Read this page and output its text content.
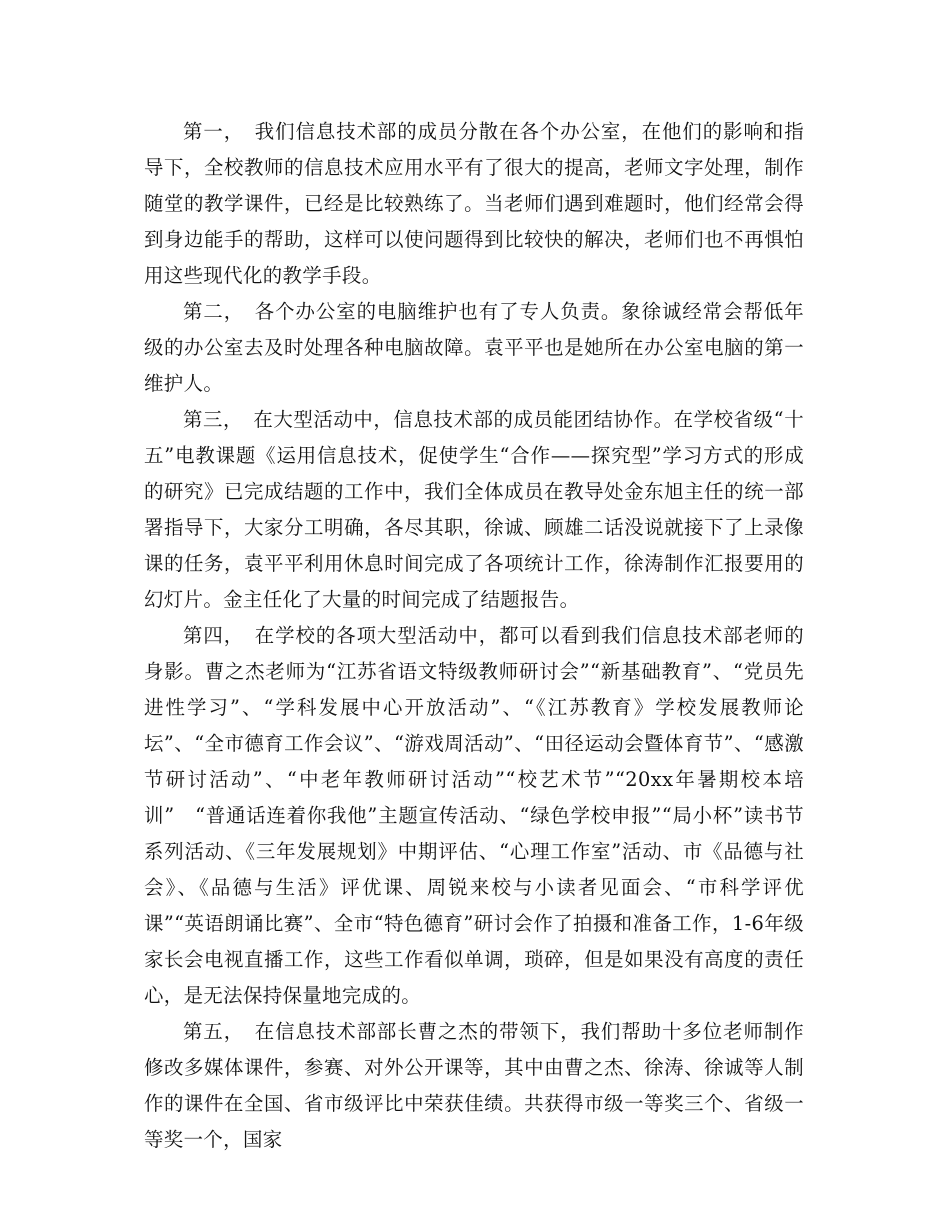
第一，　我们信息技术部的成员分散在各个办公室，在他们的影响和指导下，全校教师的信息技术应用水平有了很大的提高，老师文字处理，制作随堂的教学课件，已经是比较熟练了。当老师们遇到难题时，他们经常会得到身边能手的帮助，这样可以使问题得到比较快的解决，老师们也不再惧怕用这些现代化的教学手段。

第二，　各个办公室的电脑维护也有了专人负责。象徐诚经常会帮低年级的办公室去及时处理各种电脑故障。袁平平也是她所在办公室电脑的第一维护人。

第三，　在大型活动中，信息技术部的成员能团结协作。在学校省级“十五”电教课题《运用信息技术，促使学生“合作——探究型”学习方式的形成的研究》已完成结题的工作中，我们全体成员在教导处金东旭主任的统一部署指导下，大家分工明确，各尽其职，徐诚、顾雄二话没说就接下了上录像课的任务，袁平平利用休息时间完成了各项统计工作，徐涛制作汇报要用的幻灯片。金主任化了大量的时间完成了结题报告。

第四，　在学校的各项大型活动中，都可以看到我们信息技术部老师的身影。曹之杰老师为“江苏省语文特级教师研讨会”“新基础教育”、“党员先进性学习”、“学科发展中心开放活动”、“《江苏教育》学校发展教师论坛”、“全市德育工作会议”、“游戏周活动”、“田径运动会暨体育节”、“感激节研讨活动”、“中老年教师研讨活动”“校艺术节”“20xx年暑期校本培训”　“普通话连着你我他”主题宣传活动、“绿色学校申报”“局小杯”读书节系列活动、《三年发展规划》中期评估、“心理工作室”活动、市《品德与社会》、《品德与生活》评优课、周锐来校与小读者见面会、“市科学评优课”“英语朗诵比赛”、全市“特色德育”研讨会作了拍摄和准备工作，1-6年级家长会电视直播工作，这些工作看似单调，琐碎，但是如果没有高度的责任心，是无法保持保量地完成的。

第五，　在信息技术部部长曹之杰的带领下，我们帮助十多位老师制作修改多媒体课件，参赛、对外公开课等，其中由曹之杰、徐涛、徐诚等人制作的课件在全国、省市级评比中荣获佳绩。共获得市级一等奖三个、省级一等奖一个，国家
